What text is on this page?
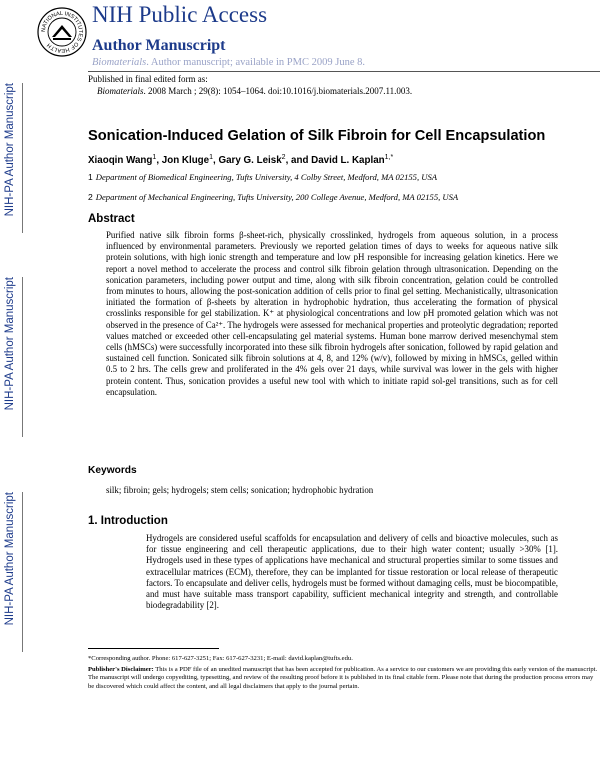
NATIONAL INSTITUTES OF HEALTH
NIH Public Access
Author Manuscript
Biomaterials. Author manuscript; available in PMC 2009 June 8.
Published in final edited form as:
Biomaterials. 2008 March ; 29(8): 1054–1064. doi:10.1016/j.biomaterials.2007.11.003.
NIH-PA Author Manuscript
NIH-PA Author Manuscript
NIH-PA Author Manuscript
Sonication-Induced Gelation of Silk Fibroin for Cell Encapsulation
Xiaoqin Wang$^1$, Jon Kluge$^1$, Gary G. Leisk$^2$, and David L. Kaplan$^{1,*}$
1 Department of Biomedical Engineering, Tufts University, 4 Colby Street, Medford, MA 02155, USA
2 Department of Mechanical Engineering, Tufts University, 200 College Avenue, Medford, MA 02155, USA
Abstract
Purified native silk fibroin forms β-sheet-rich, physically crosslinked, hydrogels from aqueous solution, in a process influenced by environmental parameters. Previously we reported gelation times of days to weeks for aqueous native silk protein solutions, with high ionic strength and temperature and low pH responsible for increasing gelation kinetics. Here we report a novel method to accelerate the process and control silk fibroin gelation through ultrasonication. Depending on the sonication parameters, including power output and time, along with silk fibroin concentration, gelation could be controlled from minutes to hours, allowing the post-sonication addition of cells prior to final gel setting. Mechanistically, ultrasonication initiated the formation of β-sheets by alteration in hydrophobic hydration, thus accelerating the formation of physical crosslinks responsible for gel stabilization. K⁺ at physiological concentrations and low pH promoted gelation which was not observed in the presence of Ca²⁺. The hydrogels were assessed for mechanical properties and proteolytic degradation; reported values matched or exceeded other cell-encapsulating gel material systems. Human bone marrow derived mesenchymal stem cells (hMSCs) were successfully incorporated into these silk fibroin hydrogels after sonication, followed by rapid gelation and sustained cell function. Sonicated silk fibroin solutions at 4, 8, and 12% (w/v), followed by mixing in hMSCs, gelled within 0.5 to 2 hrs. The cells grew and proliferated in the 4% gels over 21 days, while survival was lower in the gels with higher protein content. Thus, sonication provides a useful new tool with which to initiate rapid sol-gel transitions, such as for cell encapsulation.
Keywords
silk; fibroin; gels; hydrogels; stem cells; sonication; hydrophobic hydration
1. Introduction
Hydrogels are considered useful scaffolds for encapsulation and delivery of cells and bioactive molecules, such as for tissue engineering and cell therapeutic applications, due to their high water content; usually >30% [1]. Hydrogels used in these types of applications have mechanical and structural properties similar to some tissues and extracellular matrices (ECM), therefore, they can be implanted for tissue restoration or local release of therapeutic factors. To encapsulate and deliver cells, hydrogels must be formed without damaging cells, must be biocompatible, and must have suitable mass transport capability, sufficient mechanical integrity and strength, and controllable biodegradability [2].
*Corresponding author. Phone: 617-627-3251; Fax: 617-627-3231; E-mail: david.kaplan@tufts.edu.
Publisher's Disclaimer: This is a PDF file of an unedited manuscript that has been accepted for publication. As a service to our customers we are providing this early version of the manuscript. The manuscript will undergo copyediting, typesetting, and review of the resulting proof before it is published in its final citable form. Please note that during the production process errors may be discovered which could affect the content, and all legal disclaimers that apply to the journal pertain.
